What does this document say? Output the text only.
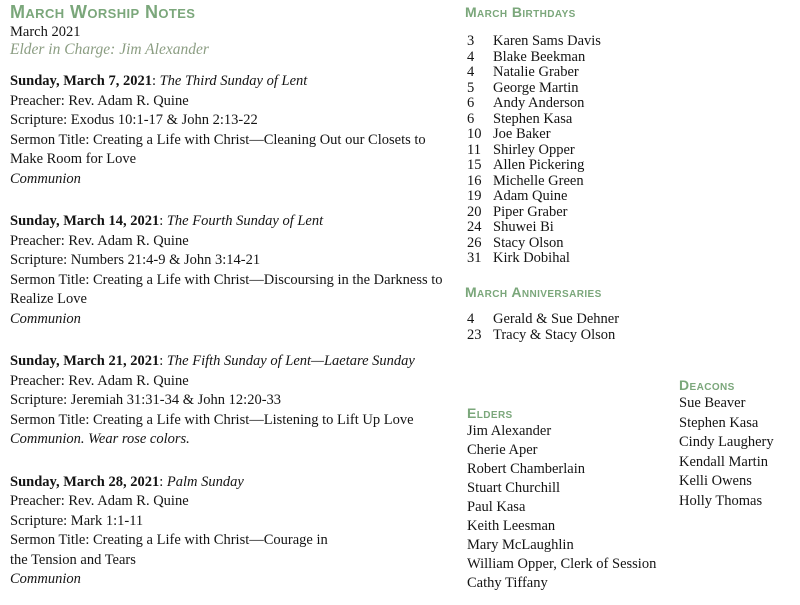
March Worship Notes
March 2021
Elder in Charge: Jim Alexander
Sunday, March 7, 2021: The Third Sunday of Lent
Preacher: Rev. Adam R. Quine
Scripture: Exodus 10:1-17 & John 2:13-22
Sermon Title: Creating a Life with Christ—Cleaning Out our Closets to
Make Room for Love
Communion
Sunday, March 14, 2021: The Fourth Sunday of Lent
Preacher: Rev. Adam R. Quine
Scripture: Numbers 21:4-9 & John 3:14-21
Sermon Title: Creating a Life with Christ—Discoursing in the Darkness to
Realize Love
Communion
Sunday, March 21, 2021: The Fifth Sunday of Lent—Laetare Sunday
Preacher: Rev. Adam R. Quine
Scripture: Jeremiah 31:31-34 & John 12:20-33
Sermon Title: Creating a Life with Christ—Listening to Lift Up Love
Communion. Wear rose colors.
Sunday, March 28, 2021: Palm Sunday
Preacher: Rev. Adam R. Quine
Scripture: Mark 1:1-11
Sermon Title: Creating a Life with Christ—Courage in
the Tension and Tears
Communion
March Birthdays
3 Karen Sams Davis
4 Blake Beekman
4 Natalie Graber
5 George Martin
6 Andy Anderson
6 Stephen Kasa
10 Joe Baker
11 Shirley Opper
15 Allen Pickering
16 Michelle Green
19 Adam Quine
20 Piper Graber
24 Shuwei Bi
26 Stacy Olson
31 Kirk Dobihal
March Anniversaries
4 Gerald & Sue Dehner
23 Tracy & Stacy Olson
Deacons
Sue Beaver
Stephen Kasa
Cindy Laughery
Kendall Martin
Kelli Owens
Holly Thomas
Elders
Jim Alexander
Cherie Aper
Robert Chamberlain
Stuart Churchill
Paul Kasa
Keith Leesman
Mary McLaughlin
William Opper, Clerk of Session
Cathy Tiffany
